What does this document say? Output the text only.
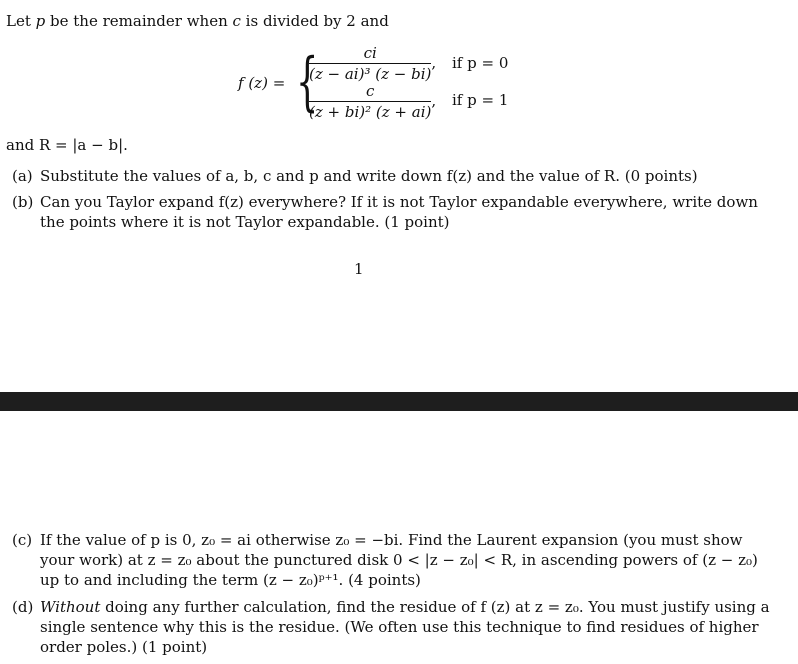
Let p be the remainder when c is divided by 2 and
f (z) = {
$\frac{ci}{\text{(z − ai)³ (z − bi)}}$ , if p = 0
$\frac{c}{\text{(z + bi)² (z + ai)}}$ , if p = 1
and R = |a − b|.
(a) Substitute the values of a, b, c and p and write down f(z) and the value of R. (0 points)
(b) Can you Taylor expand f(z) everywhere? If it is not Taylor expandable everywhere, write down the points where it is not Taylor expandable. (1 point)
1
(c) If the value of p is 0, z₀ = ai otherwise z₀ = −bi. Find the Laurent expansion (you must show your work) at z = z₀ about the punctured disk 0 < |z − z₀| < R, in ascending powers of (z − z₀) up to and including the term (z − z₀)ᵖ⁺¹. (4 points)
(d) Without doing any further calculation, find the residue of f (z) at z = z₀. You must justify using a single sentence why this is the residue. (We often use this technique to find residues of higher order poles.) (1 point)
